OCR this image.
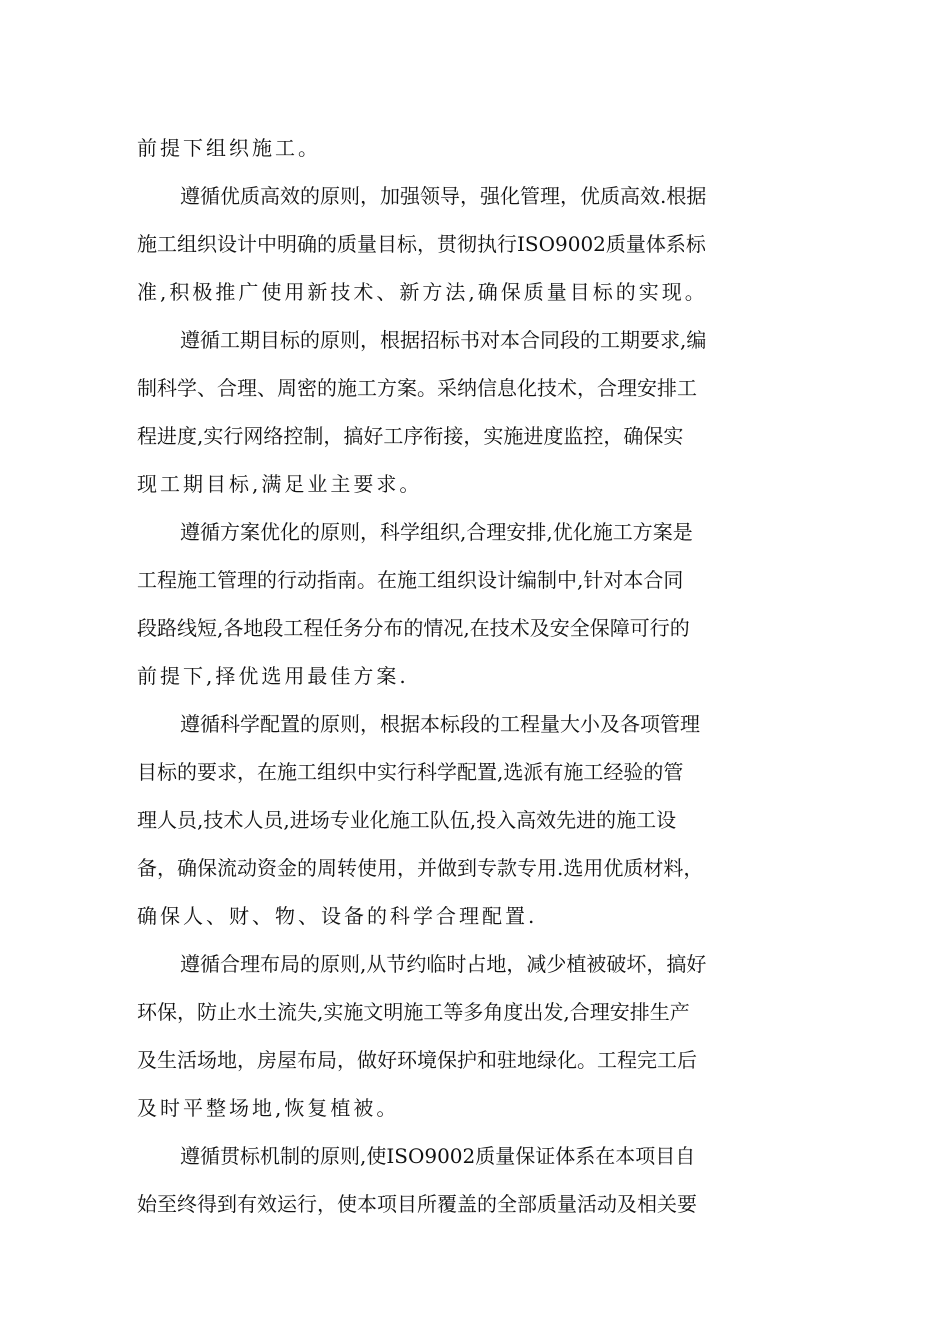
前提下组织施工。

遵循优质高效的原则，加强领导，强化管理，优质高效.根据

施工组织设计中明确的质量目标，贯彻执行ISO9002质量体系标

准,积极推广使用新技术、新方法,确保质量目标的实现。

遵循工期目标的原则，根据招标书对本合同段的工期要求,编

制科学、合理、周密的施工方案。采纳信息化技术，合理安排工

程进度,实行网络控制，搞好工序衔接，实施进度监控，确保实

现工期目标,满足业主要求。

遵循方案优化的原则，科学组织,合理安排,优化施工方案是

工程施工管理的行动指南。在施工组织设计编制中,针对本合同

段路线短,各地段工程任务分布的情况,在技术及安全保障可行的

前提下,择优选用最佳方案.

遵循科学配置的原则，根据本标段的工程量大小及各项管理

目标的要求，在施工组织中实行科学配置,选派有施工经验的管

理人员,技术人员,进场专业化施工队伍,投入高效先进的施工设

备，确保流动资金的周转使用，并做到专款专用.选用优质材料，

确保人、财、物、设备的科学合理配置.

遵循合理布局的原则,从节约临时占地，减少植被破坏，搞好

环保，防止水土流失,实施文明施工等多角度出发,合理安排生产

及生活场地，房屋布局，做好环境保护和驻地绿化。工程完工后

及时平整场地,恢复植被。

遵循贯标机制的原则,使ISO9002质量保证体系在本项目自

始至终得到有效运行，使本项目所覆盖的全部质量活动及相关要
